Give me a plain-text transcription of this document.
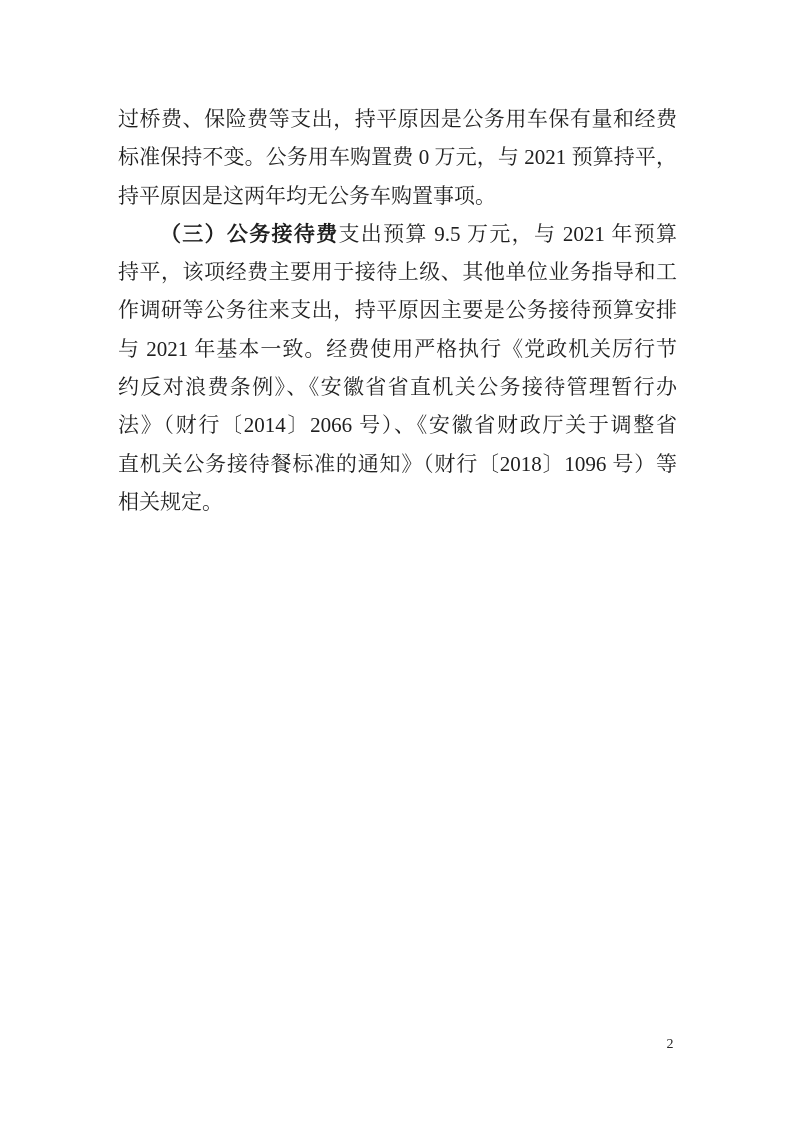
过桥费、保险费等支出，持平原因是公务用车保有量和经费
标准保持不变。公务用车购置费 0 万元，与 2021 预算持平，
持平原因是这两年均无公务车购置事项。
（三）公务接待费支出预算 9.5 万元，与 2021 年预算
持平，该项经费主要用于接待上级、其他单位业务指导和工
作调研等公务往来支出，持平原因主要是公务接待预算安排
与 2021 年基本一致。经费使用严格执行《党政机关厉行节
约反对浪费条例》、《安徽省省直机关公务接待管理暂行办
法》（财行〔2014〕2066 号）、《安徽省财政厅关于调整省
直机关公务接待餐标准的通知》（财行〔2018〕1096 号）等
相关规定。
2
